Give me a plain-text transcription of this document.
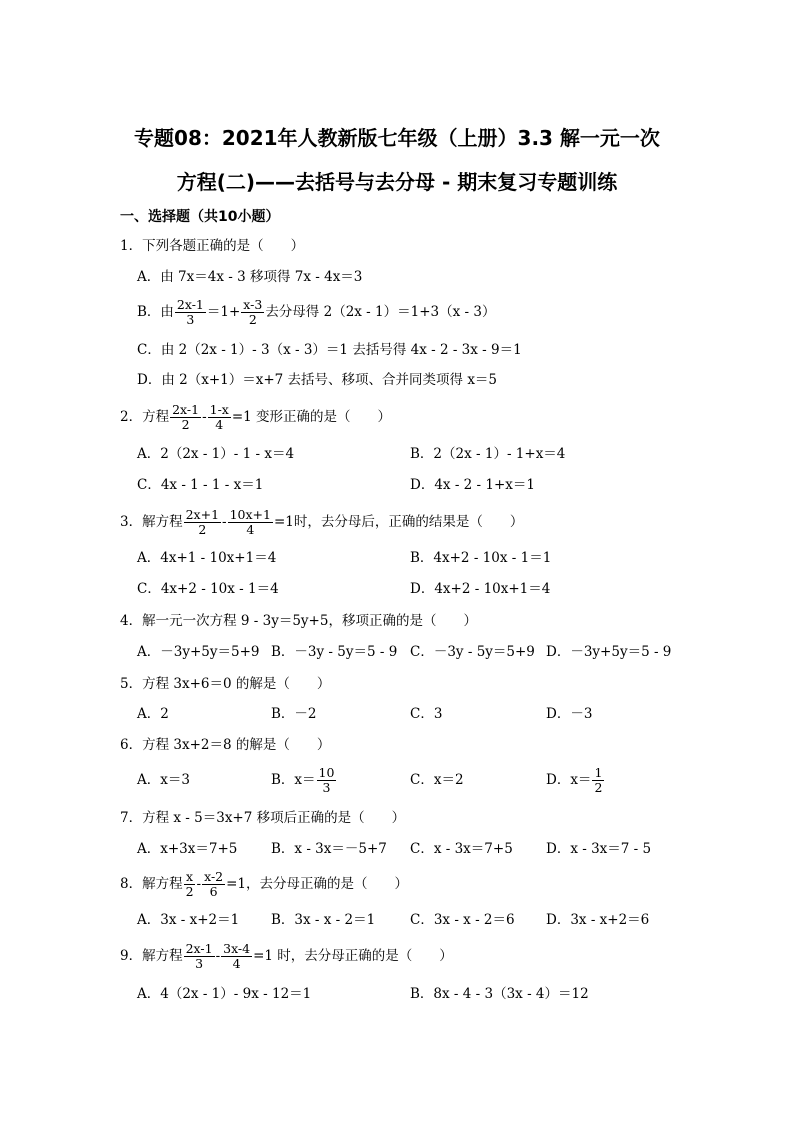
专题08：2021年人教新版七年级（上册）3.3 解一元一次
方程(二)——去括号与去分母 - 期末复习专题训练
一、选择题（共10小题）
1．下列各题正确的是（　　）
A．由 7x＝4x - 3 移项得 7x - 4x＝3
B．由 $\frac{2x-1}{3} =1+ \frac{x-3}{2}$ 去分母得 2（2x - 1）＝1+3（x - 3）
C．由 2（2x - 1）- 3（x - 3）＝1 去括号得 4x - 2 - 3x - 9＝1
D．由 2（x+1）＝x+7 去括号、移项、合并同类项得 x＝5
2．方程 $\frac{2x-1}{2} - \frac{1-x}{4} =1$ 变形正确的是（　　）
A．2（2x - 1）- 1 - x＝4	B．2（2x - 1）- 1+x＝4
C．4x - 1 - 1 - x＝1	D．4x - 2 - 1+x＝1
3．解方程 $\frac{2x+1}{2} - \frac{10x+1}{4} =1$时，去分母后，正确的结果是（　　）
A．4x+1 - 10x+1＝4	B．4x+2 - 10x - 1＝1
C．4x+2 - 10x - 1＝4	D．4x+2 - 10x+1＝4
4．解一元一次方程 9 - 3y＝5y+5，移项正确的是（　　）
A．－3y+5y＝5+9 B．－3y - 5y＝5 - 9 C．－3y - 5y＝5+9 D．－3y+5y＝5 - 9
5．方程 3x+6＝0 的解是（　　）
A．2	B．－2	C．3	D．－3
6．方程 3x+2＝8 的解是（　　）
A．x＝3	B．$x= \frac{10}{3}$	C．x＝2	D．$x= \frac{1}{2}$
7．方程 x - 5＝3x+7 移项后正确的是（　　）
A．x+3x＝7+5 B．x - 3x＝－5+7 C．x - 3x＝7+5 D．x - 3x＝7 - 5
8．解方程 $\frac{x}{2} - \frac{x-2}{6} =1$，去分母正确的是（　　）
A．3x - x+2＝1 B．3x - x - 2＝1	C．3x - x - 2＝6 D．3x - x+2＝6
9．解方程 $\frac{2x-1}{3} - \frac{3x-4}{4} =1$ 时，去分母正确的是（　　）
A．4（2x - 1）- 9x - 12＝1	B．8x - 4 - 3（3x - 4）＝12
